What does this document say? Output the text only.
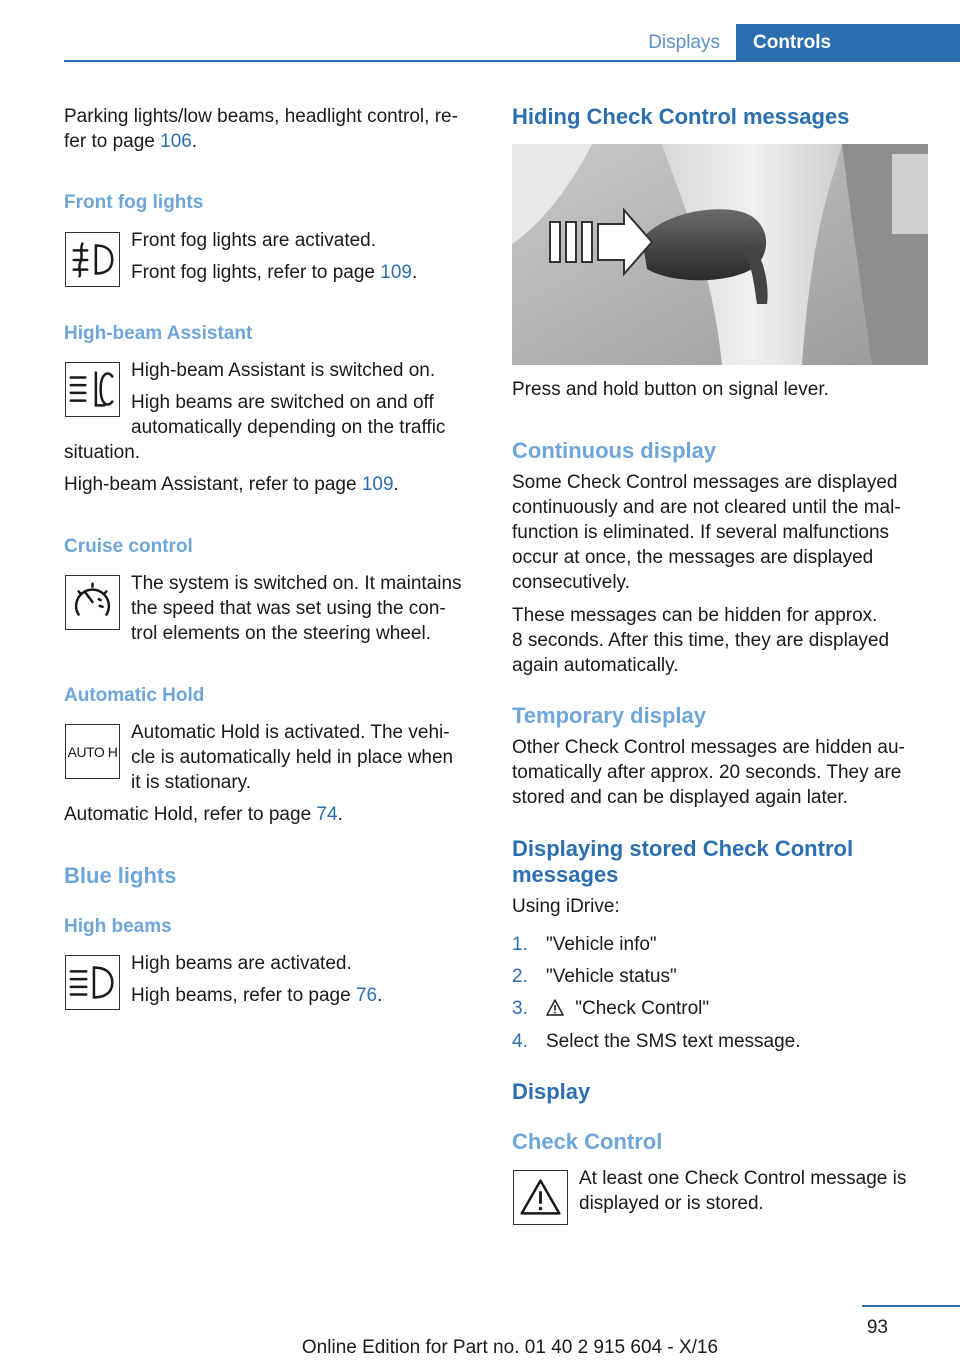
Displays	Controls
Parking lights/low beams, headlight control, re‐
fer to page 106.
Front fog lights
Front fog lights are activated.
Front fog lights, refer to page 109.
High-beam Assistant
High-beam Assistant is switched on.
High beams are switched on and off
automatically depending on the traffic
situation.
High-beam Assistant, refer to page 109.
Cruise control
The system is switched on. It maintains
the speed that was set using the con‐
trol elements on the steering wheel.
Automatic Hold
AUTO H
Automatic Hold is activated. The vehi‐
cle is automatically held in place when
it is stationary.
Automatic Hold, refer to page 74.
Blue lights
High beams
High beams are activated.
High beams, refer to page 76.
Hiding Check Control messages
Press and hold button on signal lever.
Continuous display
Some Check Control messages are displayed
continuously and are not cleared until the mal‐
function is eliminated. If several malfunctions
occur at once, the messages are displayed
consecutively.
These messages can be hidden for approx.
8 seconds. After this time, they are displayed
again automatically.
Temporary display
Other Check Control messages are hidden au‐
tomatically after approx. 20 seconds. They are
stored and can be displayed again later.
Displaying stored Check Control
messages
Using iDrive:
1. "Vehicle info"
2. "Vehicle status"
3.	"Check Control"
4. Select the SMS text message.
Display
Check Control
At least one Check Control message is
displayed or is stored.
93
Online Edition for Part no. 01 40 2 915 604 - X/16
